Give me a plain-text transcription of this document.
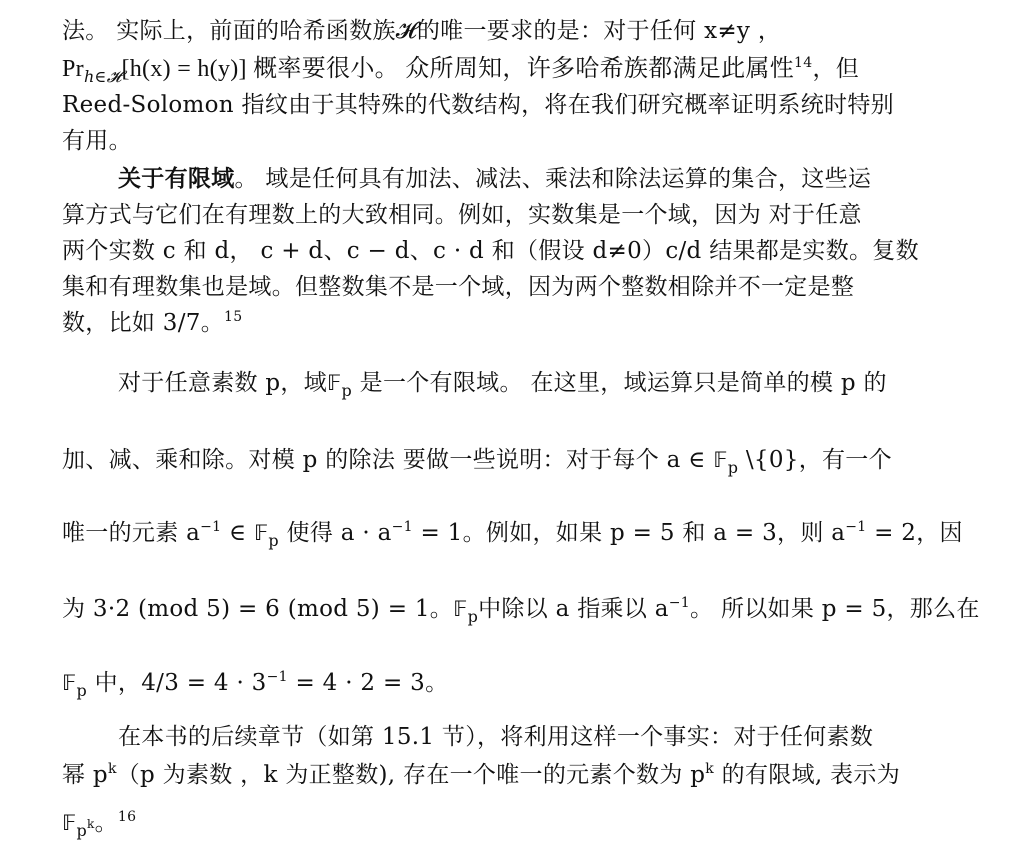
法。 实际上，前面的哈希函数族𝓗的唯一要求的是：对于任何 x≠y ，
$Pr_{h\in 𝓗}[h(x) = h(y)]$ 概率要很小。 众所周知，许多哈希族都满足此属性$^{14}$，但
Reed-Solomon 指纹由于其特殊的代数结构，将在我们研究概率证明系统时特别
有用。
关于有限域。 域是任何具有加法、减法、乘法和除法运算的集合，这些运
算方式与它们在有理数上的大致相同。例如，实数集是一个域，因为 对于任意
两个实数 c 和 d， c + d、c − d、c · d 和（假设 d≠0）c/d 结果都是实数。复数
集和有理数集也是域。但整数集不是一个域，因为两个整数相除并不一定是整
数，比如 3/7。$^{15}$
对于任意素数 p，域𝔽$_p$ 是一个有限域。 在这里，域运算只是简单的模 p 的
加、减、乘和除。对模 p 的除法 要做一些说明：对于每个 a ∈ 𝔽$_p$ \{0}，有一个
唯一的元素 $a^{-1}$ ∈ 𝔽$_p$ 使得 $a \cdot a^{-1} = 1$。例如，如果 p = 5 和 a = 3，则 $a^{-1} = 2$，因
为 3·2 (mod 5) = 6 (mod 5) = 1。𝔽$_p$中除以 a 指乘以 $a^{-1}$。 所以如果 p = 5，那么在
𝔽$_p$ 中，$4/3 = 4 \cdot 3^{-1} = 4 \cdot 2 = 3$。
在本书的后续章节（如第 15.1 节），将利用这样一个事实：对于任何素数
幂 $p^k(p$ 为素数 ，k 为正整数), 存在一个唯一的元素个数为 $p^k$ 的有限域, 表示为
𝔽$_p$k。$^{16}$
